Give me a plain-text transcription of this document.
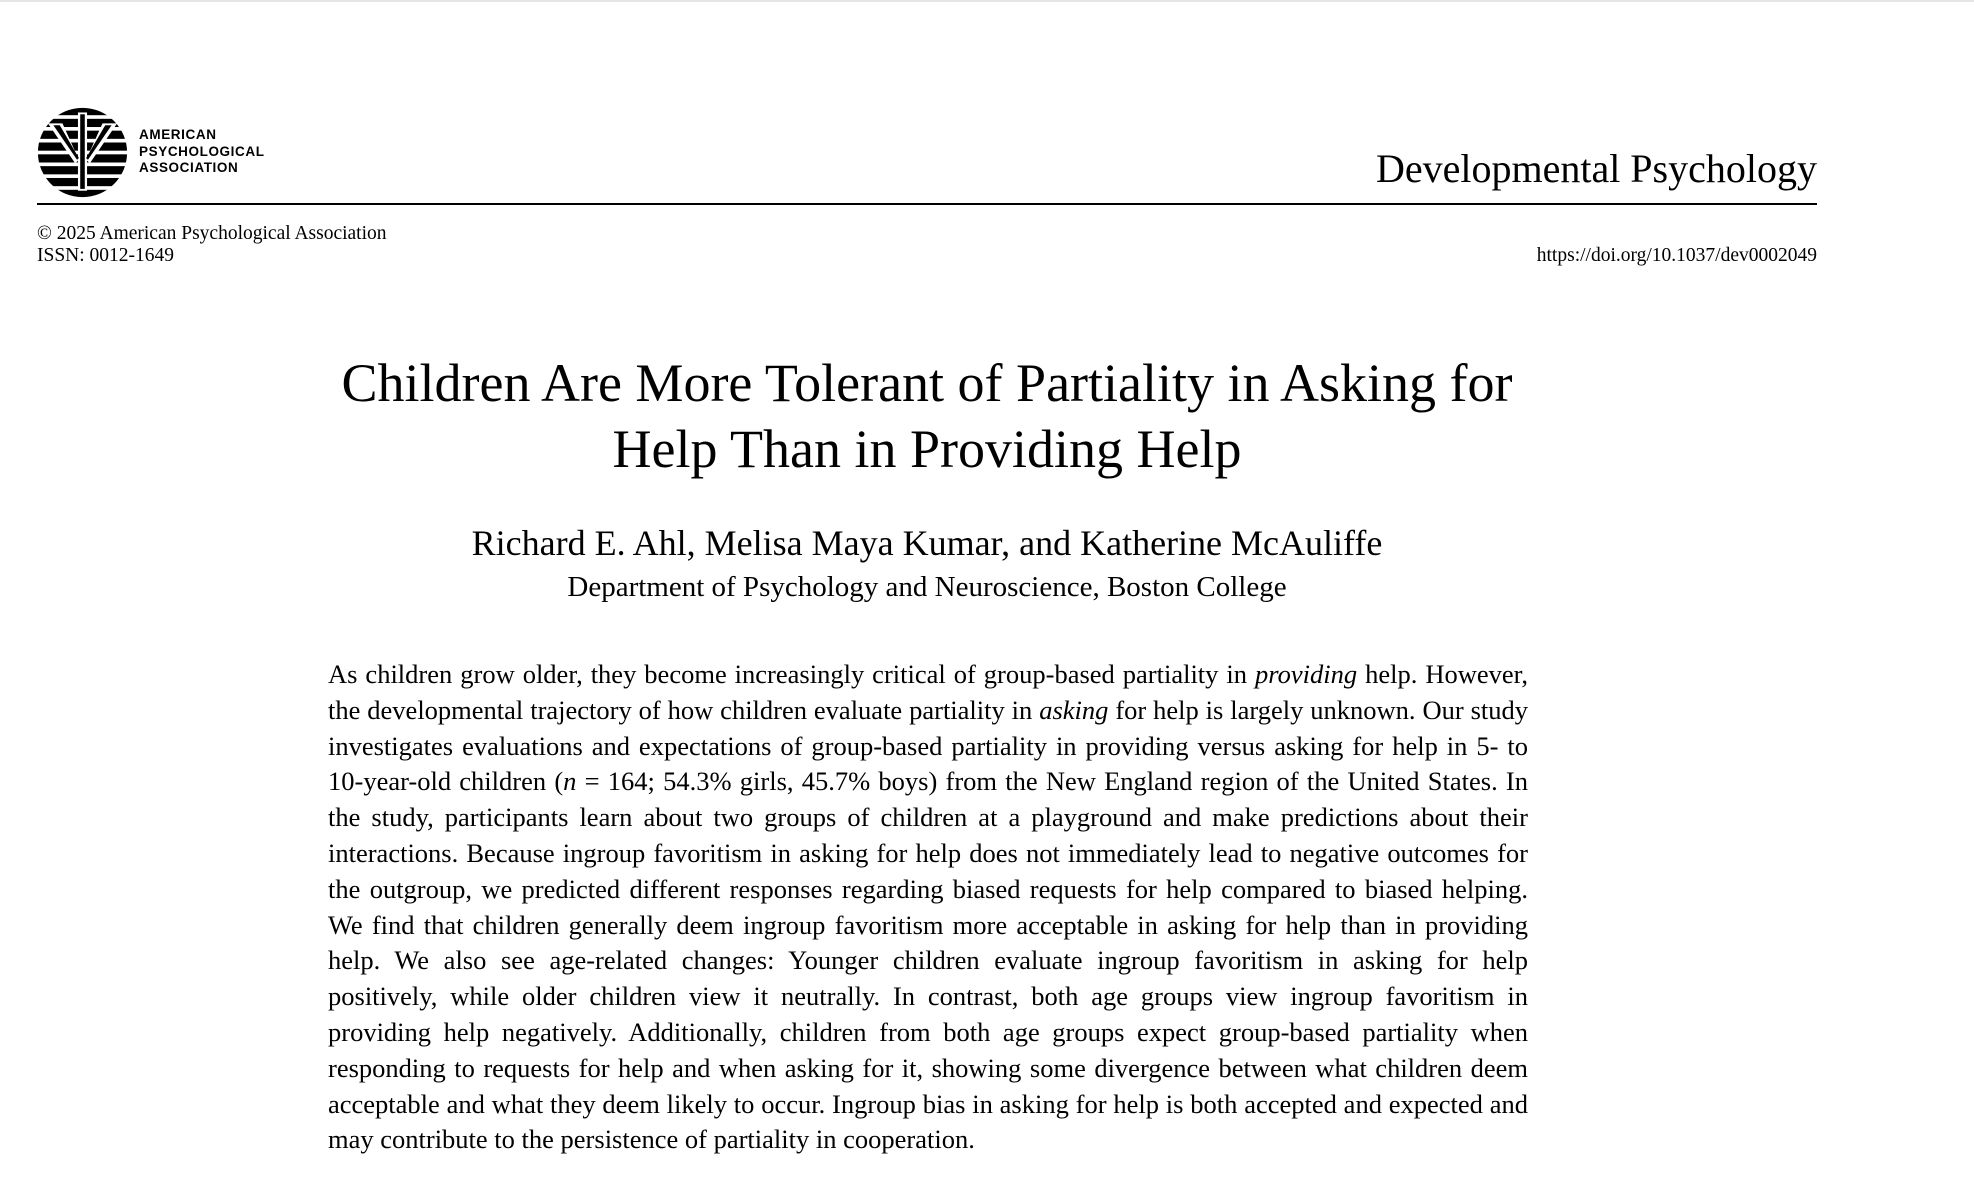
AMERICAN
PSYCHOLOGICAL
ASSOCIATION	Developmental Psychology
© 2025 American Psychological Association
ISSN: 0012-1649	https://doi.org/10.1037/dev0002049
Children Are More Tolerant of Partiality in Asking for
Help Than in Providing Help
Richard E. Ahl, Melisa Maya Kumar, and Katherine McAuliffe
Department of Psychology and Neuroscience, Boston College

As children grow older, they become increasingly critical of group-based partiality in providing help. However, the developmental trajectory of how children evaluate partiality in asking for help is largely unknown. Our study investigates evaluations and expectations of group-based partiality in providing versus asking for help in 5- to 10-year-old children (n = 164; 54.3% girls, 45.7% boys) from the New England region of the United States. In the study, participants learn about two groups of children at a playground and make predictions about their interactions. Because ingroup favoritism in asking for help does not immediately lead to negative outcomes for the outgroup, we predicted different responses regarding biased requests for help compared to biased helping. We find that children generally deem ingroup favoritism more acceptable in asking for help than in providing help. We also see age-related changes: Younger children evaluate ingroup favoritism in asking for help positively, while older children view it neutrally. In contrast, both age groups view ingroup favoritism in providing help negatively. Additionally, children from both age groups expect group-based partiality when responding to requests for help and when asking for it, showing some divergence between what children deem acceptable and what they deem likely to occur. Ingroup bias in asking for help is both accepted and expected and may contribute to the persistence of partiality in cooperation.
